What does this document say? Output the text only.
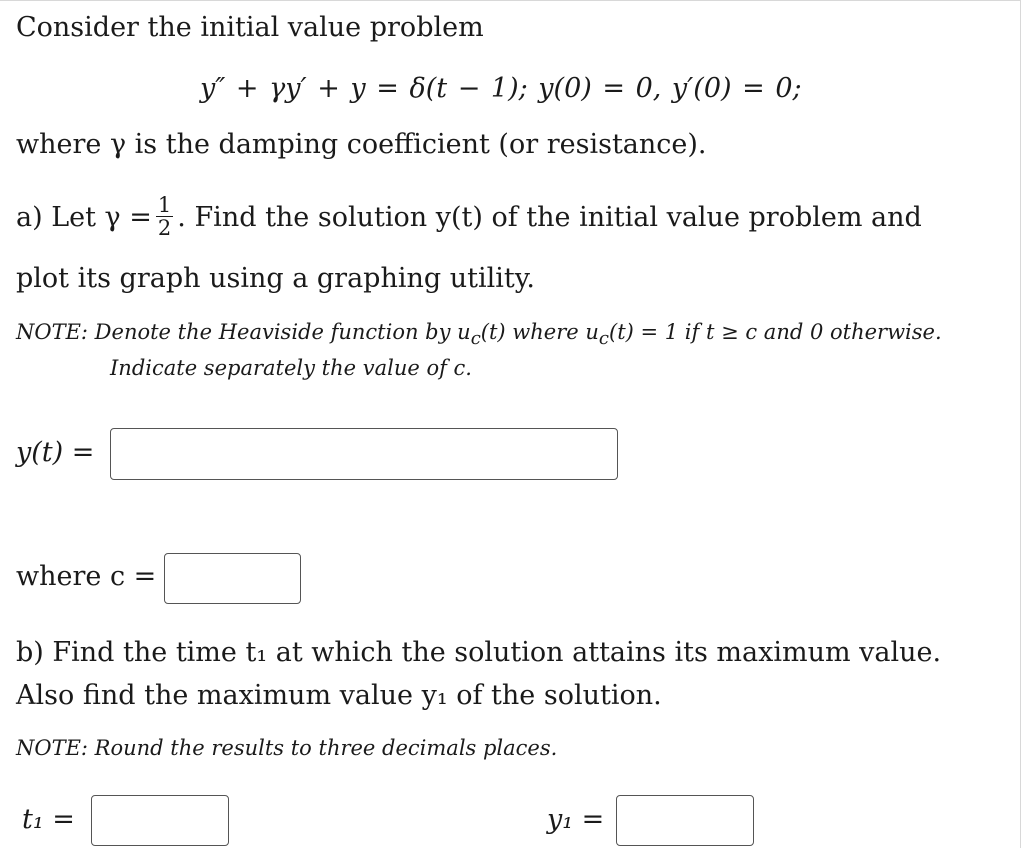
Consider the initial value problem
y″ + γy′ + y = δ(t − 1); y(0) = 0, y′(0) = 0;
where γ is the damping coefficient (or resistance).
a) Let $\gamma = \frac{1}{2}$ . Find the solution y(t) of the initial value problem and
plot its graph using a graphing utility.
NOTE: Denote the Heaviside function by uc(t) where uc(t) = 1 if t ≥ c and 0 otherwise.
Indicate separately the value of c.
y(t) =
where c =
b) Find the time t₁ at which the solution attains its maximum value.
Also find the maximum value y₁ of the solution.
NOTE: Round the results to three decimals places.
t₁ =	y₁ =
